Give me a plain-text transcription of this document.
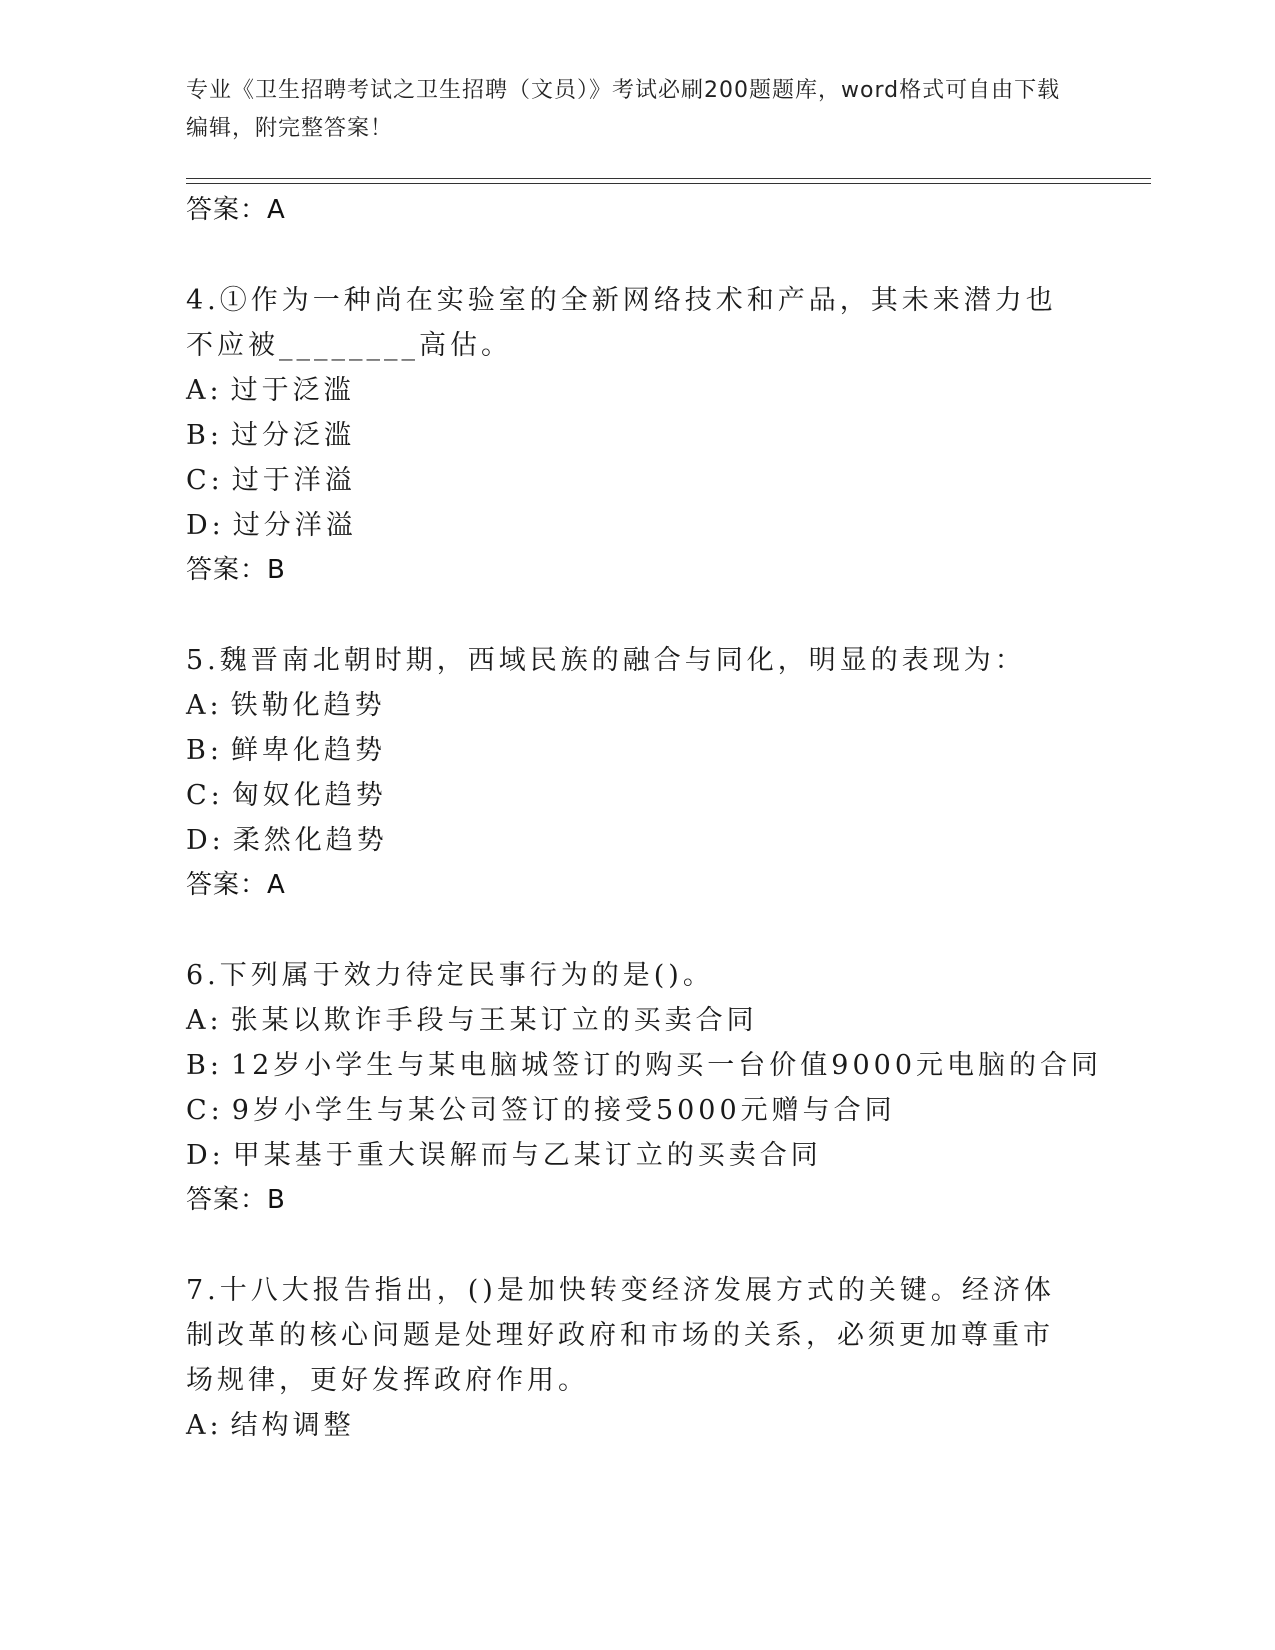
专业《卫生招聘考试之卫生招聘（文员）》考试必刷200题题库，word格式可自由下载编辑，附完整答案！
答案：A
4.①作为一种尚在实验室的全新网络技术和产品，其未来潜力也不应被________高估。
A: 过于泛滥
B: 过分泛滥
C: 过于洋溢
D: 过分洋溢
答案：B
5.魏晋南北朝时期，西域民族的融合与同化，明显的表现为：
A: 铁勒化趋势
B: 鲜卑化趋势
C: 匈奴化趋势
D: 柔然化趋势
答案：A
6.下列属于效力待定民事行为的是()。
A: 张某以欺诈手段与王某订立的买卖合同
B: 12岁小学生与某电脑城签订的购买一台价值9000元电脑的合同
C: 9岁小学生与某公司签订的接受5000元赠与合同
D: 甲某基于重大误解而与乙某订立的买卖合同
答案：B
7.十八大报告指出，()是加快转变经济发展方式的关键。经济体制改革的核心问题是处理好政府和市场的关系，必须更加尊重市场规律，更好发挥政府作用。
A: 结构调整
